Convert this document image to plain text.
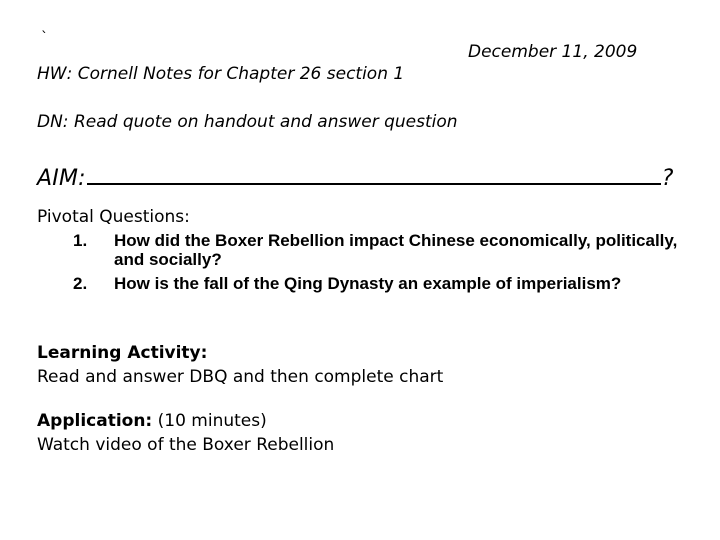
`
December 11, 2009
HW: Cornell Notes for Chapter 26 section 1
DN: Read quote on handout and answer question
AIM:	?
Pivotal Questions:
1. How did the Boxer Rebellion impact Chinese economically, politically, and socially?
2. How is the fall of the Qing Dynasty an example of imperialism?
Learning Activity:
Read and answer DBQ and then complete chart
Application: (10 minutes)
Watch video of the Boxer Rebellion
